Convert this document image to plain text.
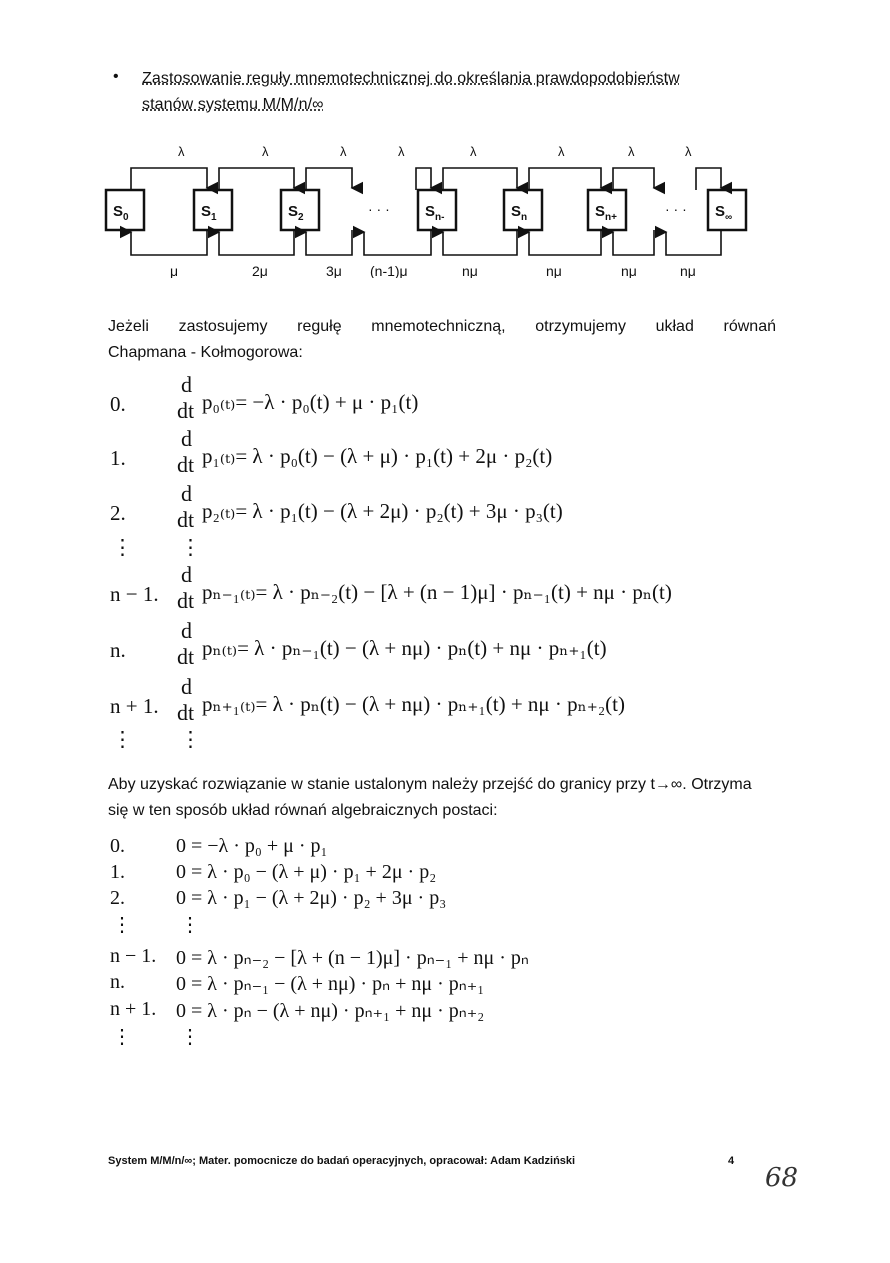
• Zastosowanie reguły mnemotechnicznej do określania prawdopodobieństw
stanów systemu M/M/n/∞
$S_0$	$S_1$	$S_2$	$S_{n-}$	$S_n$	$S_{n+}$	$S_\infty$
· · ·	· · ·
λ	λ	λ	λ	λ	λ	λ	λ
μ	2μ	3μ (n-1)μ	nμ	nμ	nμ	nμ
Jeżeli zastosujemy regułę mnemotechniczną, otrzymujemy układ równań
Chapmana - Kołmogorowa:
0.
d
dt p₀₍ₜ₎= −λ · p₀(t) + μ · p₁(t)
1.
d
dt p₁₍ₜ₎= λ · p₀(t) − (λ + μ) · p₁(t) + 2μ · p₂(t)
2.
d
dt p₂₍ₜ₎= λ · p₁(t) − (λ + 2μ) · p₂(t) + 3μ · p₃(t)
n − 1.
d
dt pₙ₋₁₍ₜ₎= λ · pₙ₋₂(t) − [λ + (n − 1)μ] · pₙ₋₁(t) + nμ · pₙ(t)
n.
d
dt pₙ₍ₜ₎= λ · pₙ₋₁(t) − (λ + nμ) · pₙ(t) + nμ · pₙ₊₁(t)
n + 1.
d
dt pₙ₊₁₍ₜ₎= λ · pₙ(t) − (λ + nμ) · pₙ₊₁(t) + nμ · pₙ₊₂(t)
⋮ ⋮
⋮ ⋮
Aby uzyskać rozwiązanie w stanie ustalonym należy przejść do granicy przy t→∞. Otrzyma się w ten sposób układ równań algebraicznych postaci:
0.	0 = −λ · p₀ + μ · p₁
1.	0 = λ · p₀ − (λ + μ) · p₁ + 2μ · p₂
2.	0 = λ · p₁ − (λ + 2μ) · p₂ + 3μ · p₃
n − 1. 0 = λ · pₙ₋₂ − [λ + (n − 1)μ] · pₙ₋₁ + nμ · pₙ
n.	0 = λ · pₙ₋₁ − (λ + nμ) · pₙ + nμ · pₙ₊₁
n + 1. 0 = λ · pₙ − (λ + nμ) · pₙ₊₁ + nμ · pₙ₊₂
⋮ ⋮
⋮ ⋮
System M/M/n/∞; Mater. pomocnicze do badań operacyjnych, opracował: Adam Kadziński	4
68
